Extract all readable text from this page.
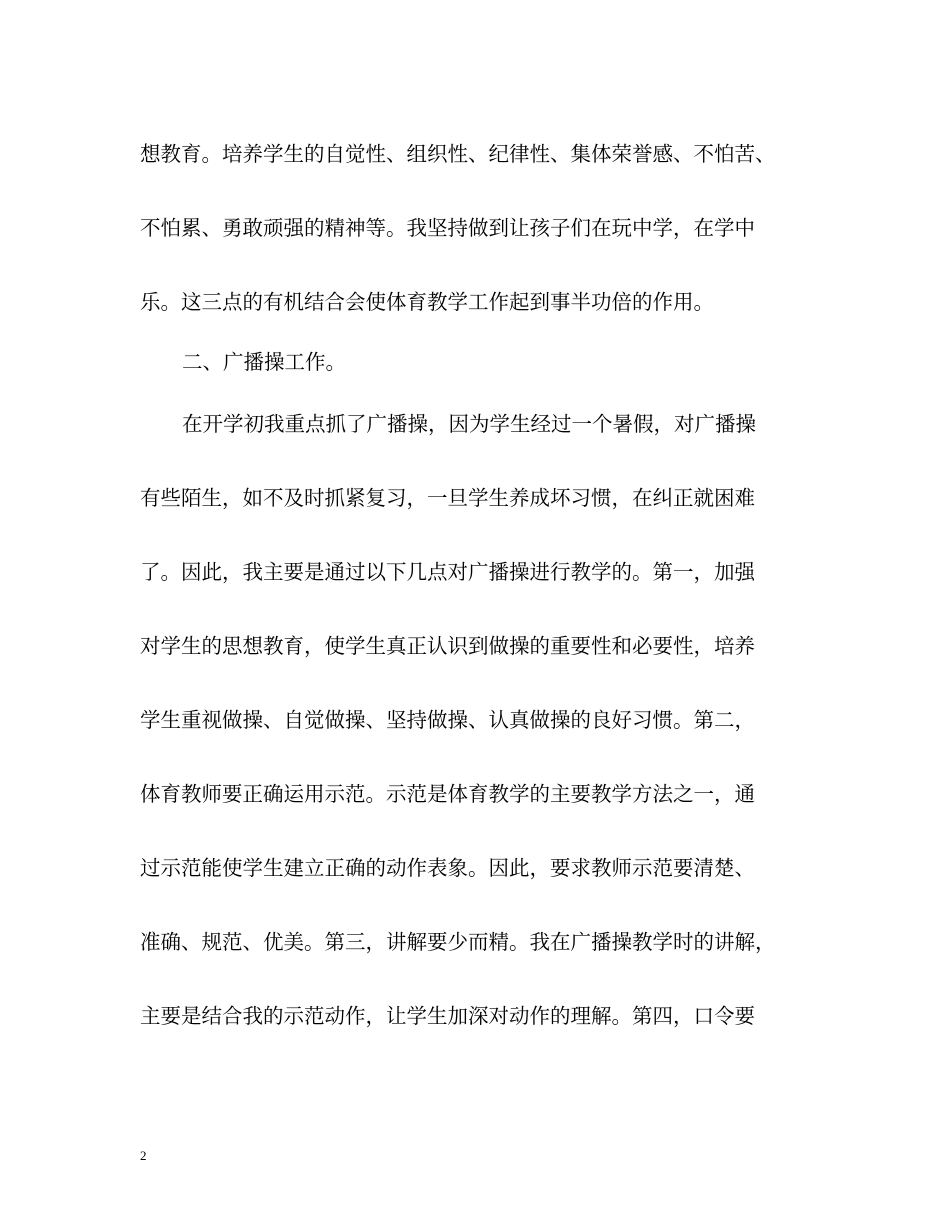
想教育。培养学生的自觉性、组织性、纪律性、集体荣誉感、不怕苦、
不怕累、勇敢顽强的精神等。我坚持做到让孩子们在玩中学，在学中
乐。这三点的有机结合会使体育教学工作起到事半功倍的作用。
二、广播操工作。
在开学初我重点抓了广播操，因为学生经过一个暑假，对广播操
有些陌生，如不及时抓紧复习，一旦学生养成坏习惯，在纠正就困难
了。因此，我主要是通过以下几点对广播操进行教学的。第一，加强
对学生的思想教育，使学生真正认识到做操的重要性和必要性，培养
学生重视做操、自觉做操、坚持做操、认真做操的良好习惯。第二，
体育教师要正确运用示范。示范是体育教学的主要教学方法之一，通
过示范能使学生建立正确的动作表象。因此，要求教师示范要清楚、
准确、规范、优美。第三，讲解要少而精。我在广播操教学时的讲解，
主要是结合我的示范动作，让学生加深对动作的理解。第四，口令要
2
